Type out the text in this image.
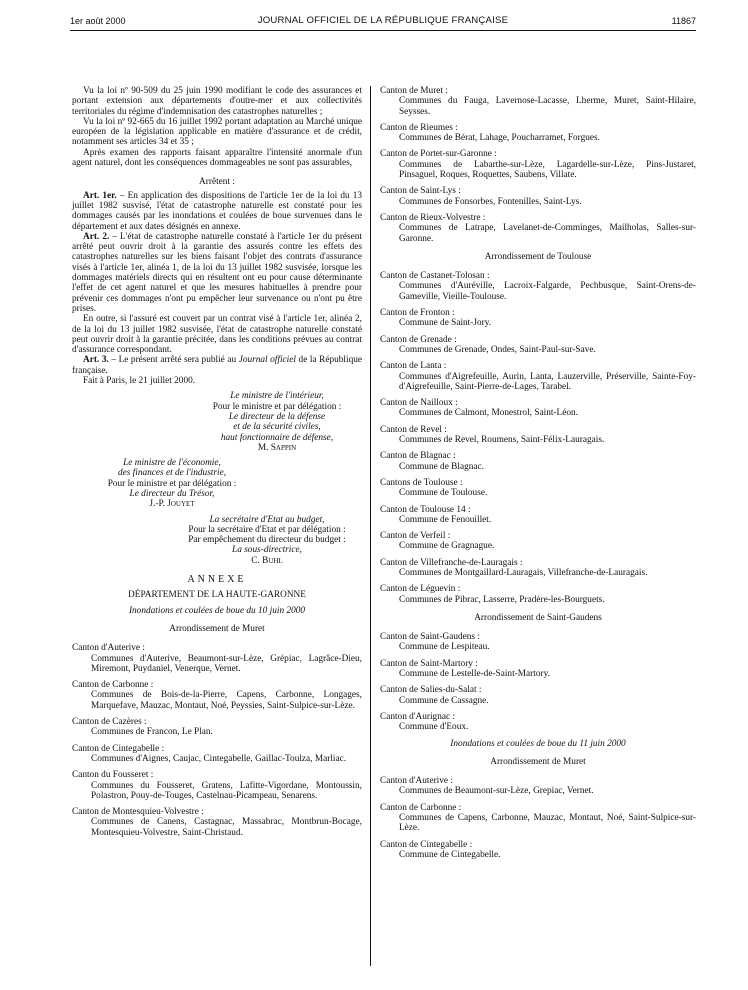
1er août 2000	JOURNAL OFFICIEL DE LA RÉPUBLIQUE FRANÇAISE	11867

Vu la loi nº 90-509 du 25 juin 1990 modifiant le code des assurances et portant extension aux départements d'outre-mer et aux collectivités territoriales du régime d'indemnisation des catastrophes naturelles ;

Vu la loi nº 92-665 du 16 juillet 1992 portant adaptation au Marché unique européen de la législation applicable en matière d'assurance et de crédit, notamment ses articles 34 et 35 ;

Après examen des rapports faisant apparaître l'intensité anormale d'un agent naturel, dont les conséquences dommageables ne sont pas assurables,

Arrêtent :

Art. 1er. – En application des dispositions de l'article 1er de la loi du 13 juillet 1982 susvisé, l'état de catastrophe naturelle est constaté pour les dommages causés par les inondations et coulées de boue survenues dans le département et aux dates désignés en annexe.

Art. 2. – L'état de catastrophe naturelle constaté à l'article 1er du présent arrêté peut ouvrir droit à la garantie des assurés contre les effets des catastrophes naturelles sur les biens faisant l'objet des contrats d'assurance visés à l'article 1er, alinéa 1, de la loi du 13 juillet 1982 susvisée, lorsque les dommages matériels directs qui en résultent ont eu pour cause déterminante l'effet de cet agent naturel et que les mesures habituelles à prendre pour prévenir ces dommages n'ont pu empêcher leur survenance ou n'ont pu être prises.

En outre, si l'assuré est couvert par un contrat visé à l'article 1er, alinéa 2, de la loi du 13 juillet 1982 susvisée, l'état de catastrophe naturelle constaté peut ouvrir droit à la garantie précitée, dans les conditions prévues au contrat d'assurance correspondant.

Art. 3. – Le présent arrêté sera publié au Journal officiel de la République française.

Fait à Paris, le 21 juillet 2000.

Le ministre de l'intérieur,

Pour le ministre et par délégation :

Le directeur de la défense

et de la sécurité civiles,

haut fonctionnaire de défense,

M. Sappin

Le ministre de l'économie,

des finances et de l'industrie,

Pour le ministre et par délégation :

Le directeur du Trésor,

J.-P. Jouyet

La secrétaire d'Etat au budget,

Pour la secrétaire d'Etat et par délégation :

Par empêchement du directeur du budget :

La sous-directrice,

C. Buhl

ANNEXE

DÉPARTEMENT DE LA HAUTE-GARONNE

Inondations et coulées de boue du 10 juin 2000

Arrondissement de Muret

Canton d'Auterive :

Communes d'Auterive, Beaumont-sur-Lèze, Grépiac, Lagrâce-Dieu, Miremont, Puydaniel, Venerque, Vernet.

Canton de Carbonne :

Communes de Bois-de-la-Pierre, Capens, Carbonne, Longages, Marquefave, Mauzac, Montaut, Noé, Peyssies, Saint-Sulpice-sur-Lèze.

Canton de Cazères :

Communes de Francon, Le Plan.

Canton de Cintegabelle :

Communes d'Aignes, Caujac, Cintegabelle, Gaillac-Toulza, Marliac.

Canton du Fousseret :

Communes du Fousseret, Gratens, Lafitte-Vigordane, Montoussin, Polastron, Pouy-de-Touges, Castelnau-Picampeau, Senarens.

Canton de Montesquieu-Volvestre :

Communes de Canens, Castagnac, Massabrac, Montbrun-Bocage, Montesquieu-Volvestre, Saint-Christaud.

Canton de Muret :

Communes du Fauga, Lavernose-Lacasse, Lherme, Muret, Saint-Hilaire, Seysses.

Canton de Rieumes :

Communes de Bérat, Lahage, Poucharramet, Forgues.

Canton de Portet-sur-Garonne :

Communes de Labarthe-sur-Lèze, Lagardelle-sur-Lèze, Pins-Justaret, Pinsaguel, Roques, Roquettes, Saubens, Villate.

Canton de Saint-Lys :

Communes de Fonsorbes, Fontenilles, Saint-Lys.

Canton de Rieux-Volvestre :

Communes de Latrape, Lavelanet-de-Comminges, Mailholas, Salles-sur-Garonne.

Arrondissement de Toulouse

Canton de Castanet-Tolosan :

Communes d'Auréville, Lacroix-Falgarde, Pechbusque, Saint-Orens-de-Gameville, Vieille-Toulouse.

Canton de Fronton :

Commune de Saint-Jory.

Canton de Grenade :

Communes de Grenade, Ondes, Saint-Paul-sur-Save.

Canton de Lanta :

Communes d'Aigrefeuille, Aurin, Lanta, Lauzerville, Préserville, Sainte-Foy-d'Aigrefeuille, Saint-Pierre-de-Lages, Tarabel.

Canton de Nailloux :

Communes de Calmont, Monestrol, Saint-Léon.

Canton de Revel :

Communes de Revel, Roumens, Saint-Félix-Lauragais.

Canton de Blagnac :

Commune de Blagnac.

Cantons de Toulouse :

Commune de Toulouse.

Canton de Toulouse 14 :

Commune de Fenouillet.

Canton de Verfeil :

Commune de Gragnague.

Canton de Villefranche-de-Lauragais :

Communes de Montgaillard-Lauragais, Villefranche-de-Lauragais.

Canton de Léguevin :

Communes de Pibrac, Lasserre, Pradère-les-Bourguets.

Arrondissement de Saint-Gaudens

Canton de Saint-Gaudens :

Commune de Lespiteau.

Canton de Saint-Martory :

Commune de Lestelle-de-Saint-Martory.

Canton de Salies-du-Salat :

Commune de Cassagne.

Canton d'Aurignac :

Commune d'Eoux.

Inondations et coulées de boue du 11 juin 2000

Arrondissement de Muret

Canton d'Auterive :

Communes de Beaumont-sur-Lèze, Grepiac, Vernet.

Canton de Carbonne :

Communes de Capens, Carbonne, Mauzac, Montaut, Noé, Saint-Sulpice-sur-Lèze.

Canton de Cintegabelle :

Commune de Cintegabelle.
